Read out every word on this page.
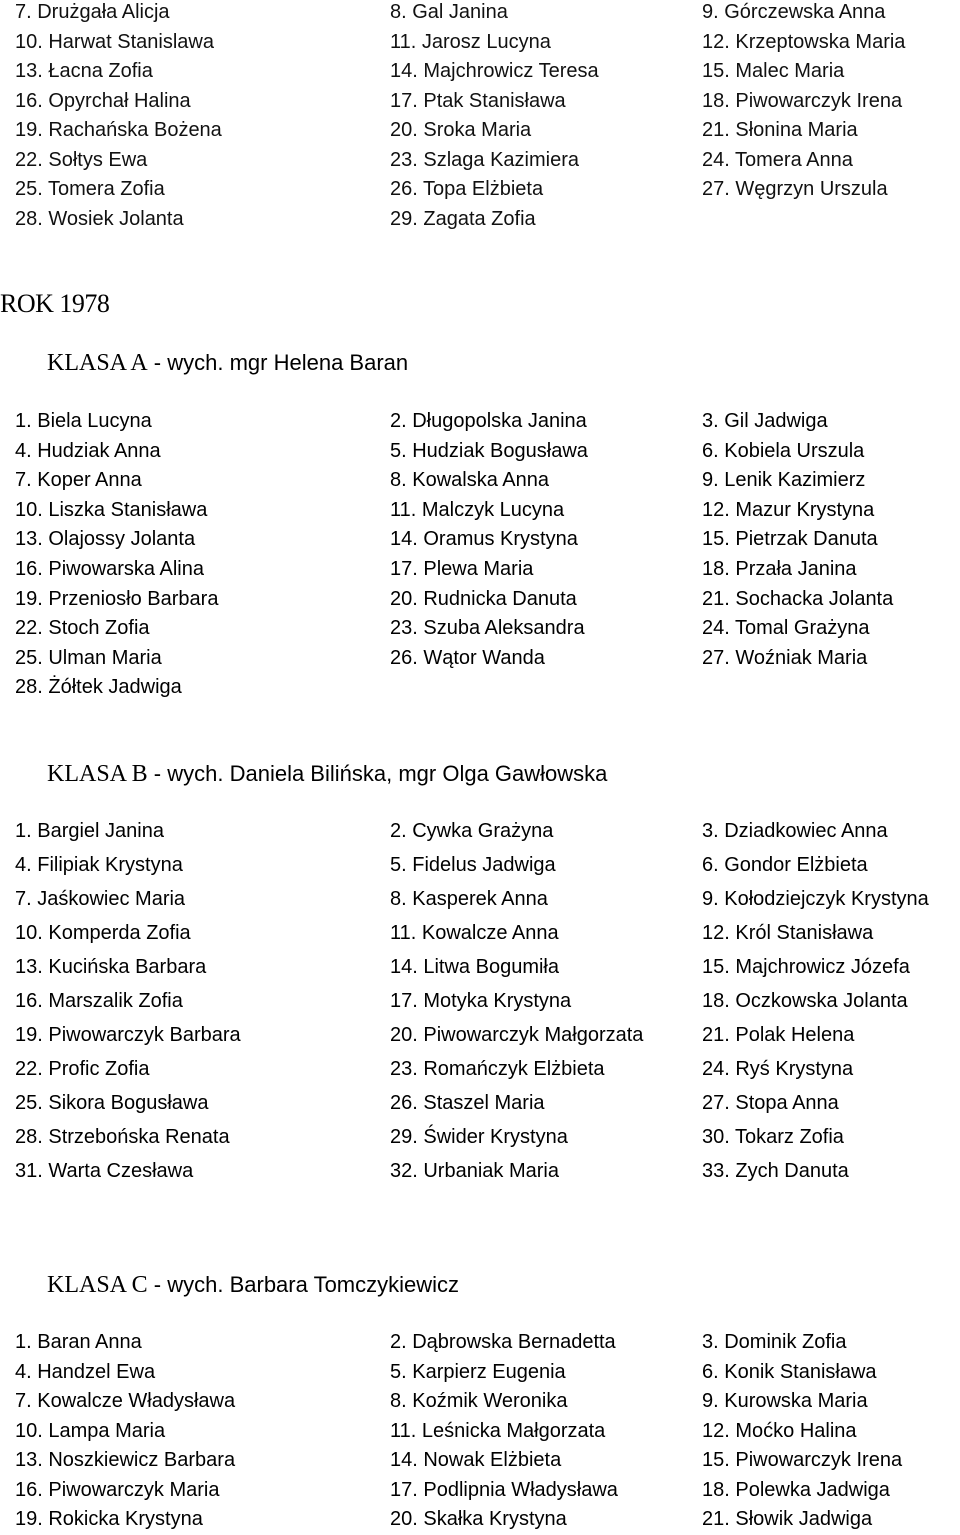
7. Drużgała Alicja	8. Gal Janina	9. Górczewska Anna
10. Harwat Stanislawa	11. Jarosz Lucyna	12. Krzeptowska Maria
13. Łacna Zofia	14. Majchrowicz Teresa	15. Malec Maria
16. Opyrchał Halina	17. Ptak Stanisława	18. Piwowarczyk Irena
19. Rachańska Bożena	20. Sroka Maria	21. Słonina Maria
22. Sołtys Ewa	23. Szlaga Kazimiera	24. Tomera Anna
25. Tomera Zofia	26. Topa Elżbieta	27. Węgrzyn Urszula
28. Wosiek Jolanta	29. Zagata Zofia
ROK 1978
KLASA A - wych. mgr Helena Baran
1. Biela Lucyna	2. Długopolska Janina	3. Gil Jadwiga
4. Hudziak Anna	5. Hudziak Bogusława	6. Kobiela Urszula
7. Koper Anna	8. Kowalska Anna	9. Lenik Kazimierz
10. Liszka Stanisława	11. Malczyk Lucyna	12. Mazur Krystyna
13. Olajossy Jolanta	14. Oramus Krystyna	15. Pietrzak Danuta
16. Piwowarska Alina	17. Plewa Maria	18. Przała Janina
19. Przeniosło Barbara	20. Rudnicka Danuta	21. Sochacka Jolanta
22. Stoch Zofia	23. Szuba Aleksandra	24. Tomal Grażyna
25. Ulman Maria	26. Wątor Wanda	27. Woźniak Maria
28. Żółtek Jadwiga
KLASA B - wych. Daniela Bilińska, mgr Olga Gawłowska
1. Bargiel Janina	2. Cywka Grażyna	3. Dziadkowiec Anna
4. Filipiak Krystyna	5. Fidelus Jadwiga	6. Gondor Elżbieta
7. Jaśkowiec Maria	8. Kasperek Anna	9. Kołodziejczyk Krystyna
10. Komperda Zofia	11. Kowalcze Anna	12. Król Stanisława
13. Kucińska Barbara	14. Litwa Bogumiła	15. Majchrowicz Józefa
16. Marszalik Zofia	17. Motyka Krystyna	18. Oczkowska Jolanta
19. Piwowarczyk Barbara	20. Piwowarczyk Małgorzata	21. Polak Helena
22. Profic Zofia	23. Romańczyk Elżbieta	24. Ryś Krystyna
25. Sikora Bogusława	26. Staszel Maria	27. Stopa Anna
28. Strzebońska Renata	29. Świder Krystyna	30. Tokarz Zofia
31. Warta Czesława	32. Urbaniak Maria	33. Zych Danuta
KLASA C - wych. Barbara Tomczykiewicz
1. Baran Anna	2. Dąbrowska Bernadetta	3. Dominik Zofia
4. Handzel Ewa	5. Karpierz Eugenia	6. Konik Stanisława
7. Kowalcze Władysława	8. Koźmik Weronika	9. Kurowska Maria
10. Lampa Maria	11. Leśnicka Małgorzata	12. Moćko Halina
13. Noszkiewicz Barbara	14. Nowak Elżbieta	15. Piwowarczyk Irena
16. Piwowarczyk Maria	17. Podlipnia Władysława	18. Polewka Jadwiga
19. Rokicka Krystyna	20. Skałka Krystyna	21. Słowik Jadwiga
